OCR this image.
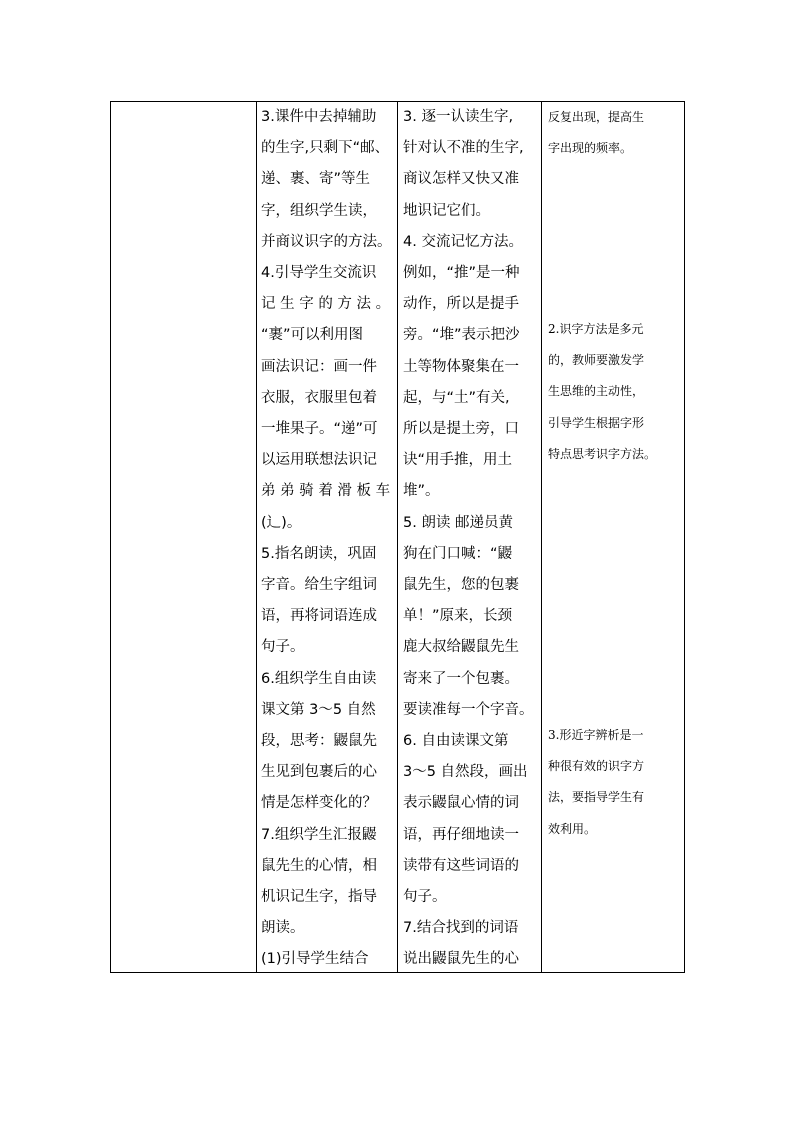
3.课件中去掉辅助
的生字,只剩下“邮、
递、裹、寄”等生
字，组织学生读，
并商议识字的方法。
4.引导学生交流识
记 生 字 的 方 法 。
“裹”可以利用图
画法识记：画一件
衣服，衣服里包着
一堆果子。“递”可
以运用联想法识记
弟 弟 骑 着 滑 板 车
(辶)。
5.指名朗读，巩固
字音。给生字组词
语，再将词语连成
句子。
6.组织学生自由读
课文第 3～5 自然
段，思考：鼹鼠先
生见到包裹后的心
情是怎样变化的？
7.组织学生汇报鼹
鼠先生的心情，相
机识记生字，指导
朗读。
(1)引导学生结合
3. 逐一认读生字,
针对认不准的生字,
商议怎样又快又准
地识记它们。
4. 交流记忆方法。
例如，“推”是一种
动作，所以是提手
旁。“堆”表示把沙
土等物体聚集在一
起，与“土”有关,
所以是提土旁，口
诀“用手推，用土
堆”。
5. 朗读 邮递员黄
狗在门口喊：“鼹
鼠先生，您的包裹
单！”原来，长颈
鹿大叔给鼹鼠先生
寄来了一个包裹。
要读准每一个字音。
6. 自由读课文第
3～5 自然段，画出
表示鼹鼠心情的词
语，再仔细地读一
读带有这些词语的
句子。
7.结合找到的词语
说出鼹鼠先生的心
反复出现，提高生
字出现的频率。
2.识字方法是多元
的，教师要激发学
生思维的主动性，
引导学生根据字形
特点思考识字方法。
3.形近字辨析是一
种很有效的识字方
法，要指导学生有
效利用。
